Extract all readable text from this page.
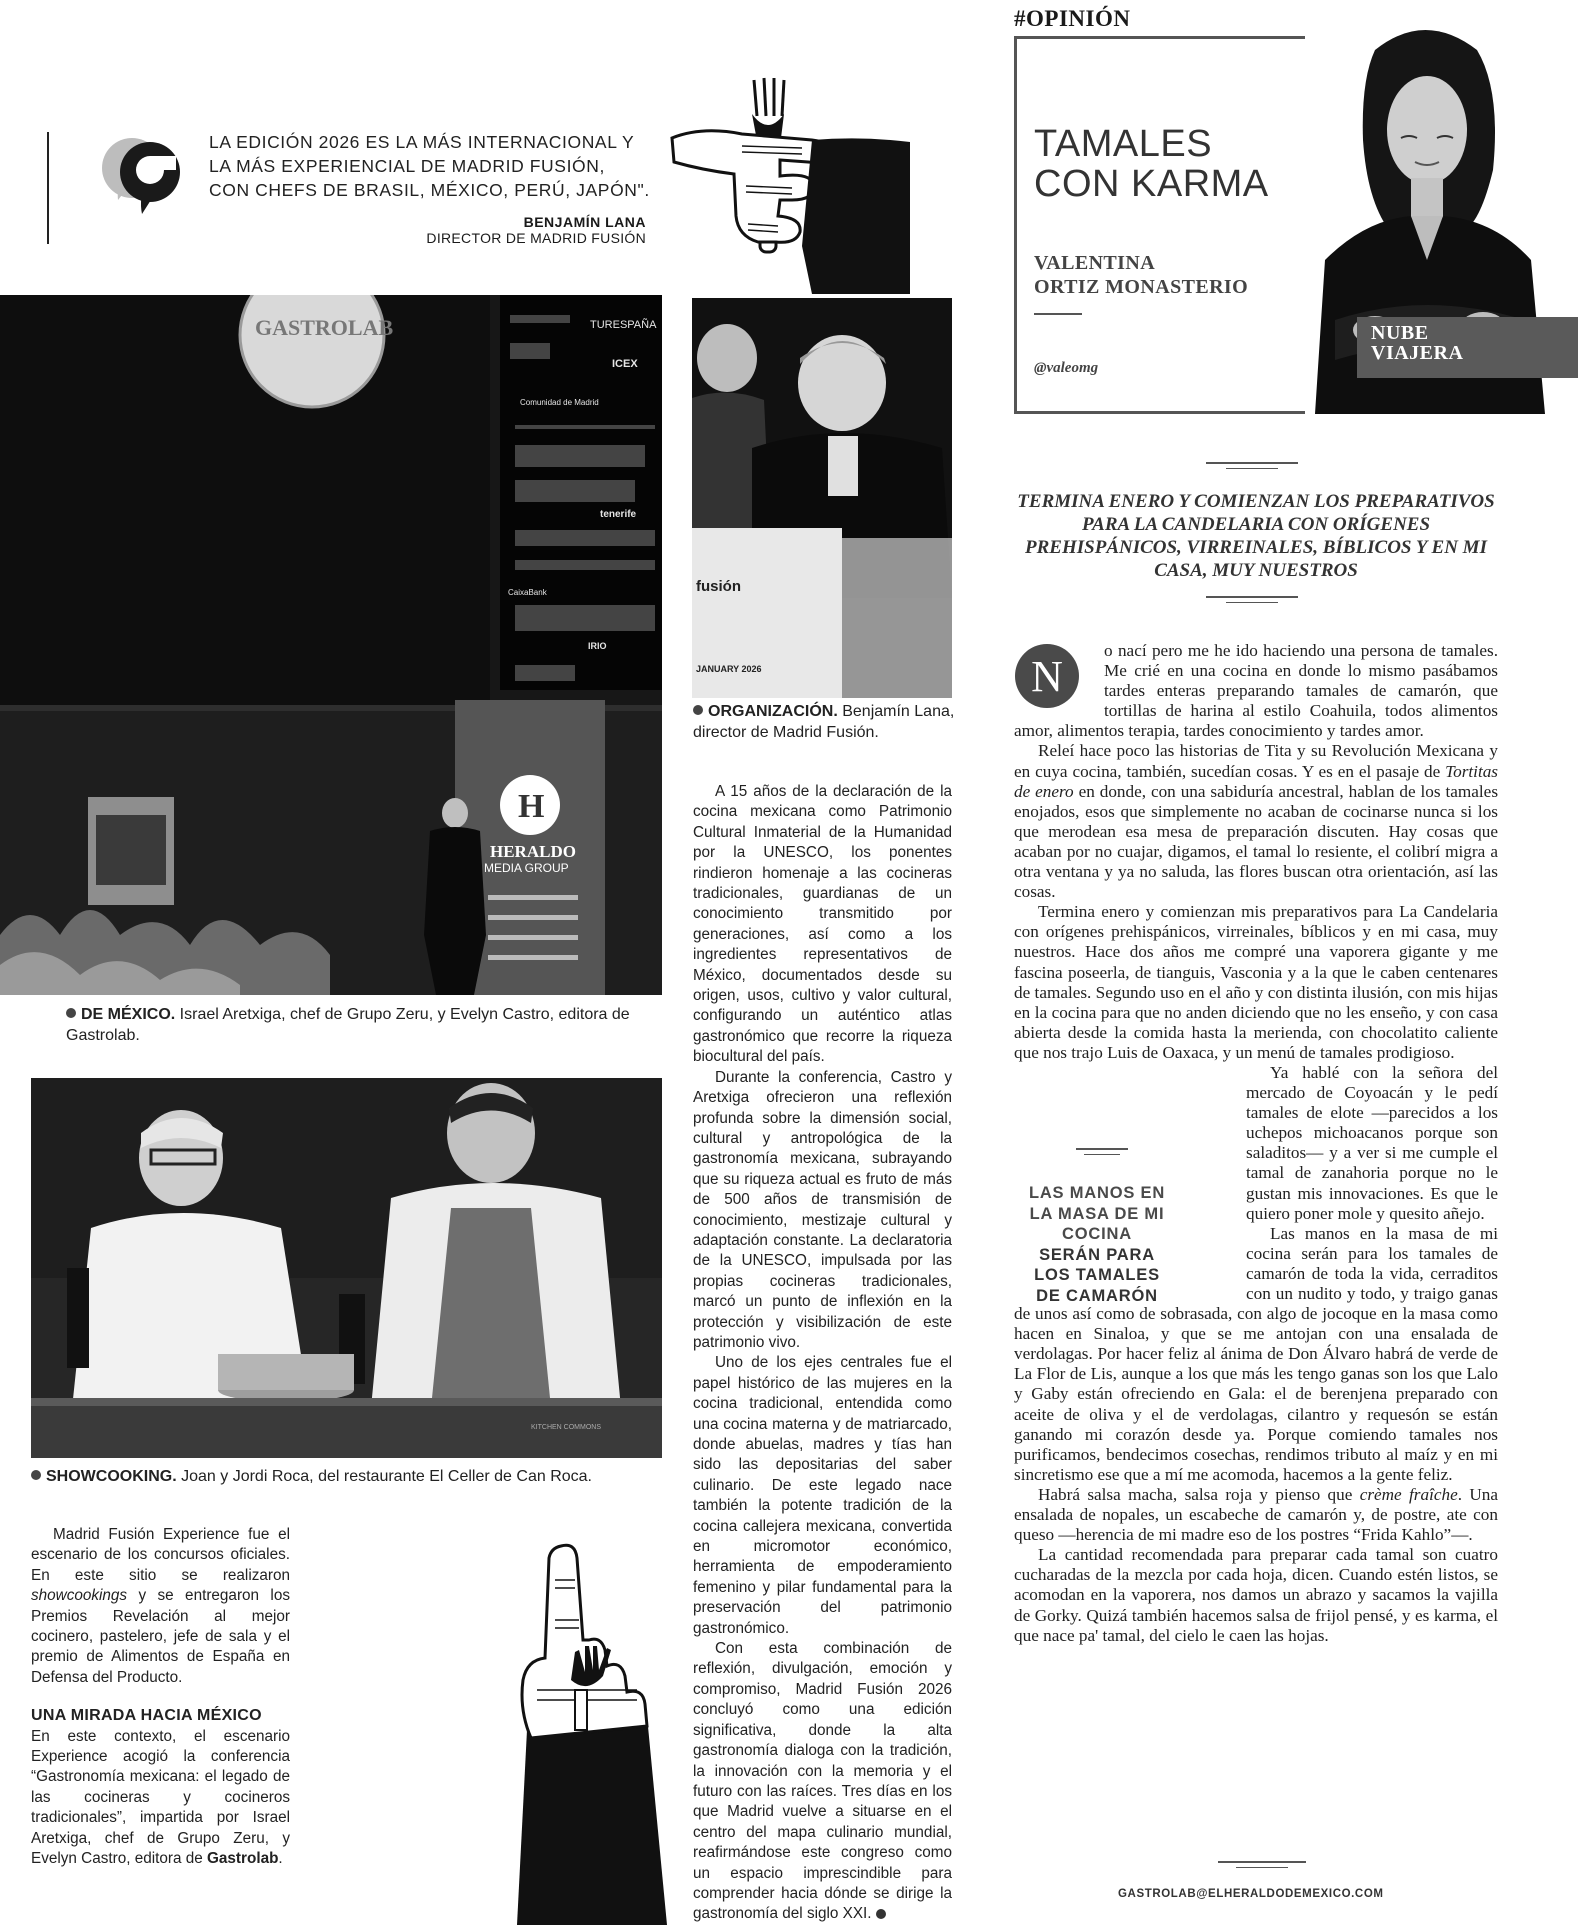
LA EDICIÓN 2026 ES LA MÁS INTERNACIONAL Y LA MÁS EXPERIENCIAL DE MADRID FUSIÓN, CON CHEFS DE BRASIL, MÉXICO, PERÚ, JAPÓN".
BENJAMÍN LANA
DIRECTOR DE MADRID FUSIÓN
GASTROLAB	TURESPAÑA
ICEX
Comunidad de Madrid
tenerife
CaixaBank
IRIO
H
HERALDO
MEDIA GROUP
fusión
JANUARY 2026
ORGANIZACIÓN. Benjamín Lana, director de Madrid Fusión.
DE MÉXICO. Israel Aretxiga, chef de Grupo Zeru, y Evelyn Castro, editora de Gastrolab.
KITCHEN COMMONS
SHOWCOOKING. Joan y Jordi Roca, del restaurante El Celler de Can Roca.

Madrid Fusión Experience fue el escenario de los concursos oficiales. En este sitio se realizaron showcookings y se entregaron los Premios Revelación al mejor cocinero, pastelero, jefe de sala y el premio de Alimentos de España en Defensa del Producto.

UNA MIRADA HACIA MÉXICO

En este contexto, el escenario Experience acogió la conferencia “Gastronomía mexicana: el legado de las cocineras y cocineros tradicionales”, impartida por Israel Aretxiga, chef de Grupo Zeru, y Evelyn Castro, editora de Gastrolab.

A 15 años de la declaración de la cocina mexicana como Patrimonio Cultural Inmaterial de la Humanidad por la UNESCO, los ponentes rindieron homenaje a las cocineras tradicionales, guardianas de un conocimiento transmitido por generaciones, así como a los ingredientes representativos de México, documentados desde su origen, usos, cultivo y valor cultural, configurando un auténtico atlas gastronómico que recorre la riqueza biocultural del país.

Durante la conferencia, Castro y Aretxiga ofrecieron una reflexión profunda sobre la dimensión social, cultural y antropológica de la gastronomía mexicana, subrayando que su riqueza actual es fruto de más de 500 años de transmisión de conocimiento, mestizaje cultural y adaptación constante. La declaratoria de la UNESCO, impulsada por las propias cocineras tradicionales, marcó un punto de inflexión en la protección y visibilización de este patrimonio vivo.

Uno de los ejes centrales fue el papel histórico de las mujeres en la cocina tradicional, entendida como una cocina materna y de matriarcado, donde abuelas, madres y tías han sido las depositarias del saber culinario. De este legado nace también la potente tradición de la cocina callejera mexicana, convertida en micromotor económico, herramienta de empoderamiento femenino y pilar fundamental para la preservación del patrimonio gastronómico.

Con esta combinación de reflexión, divulgación, emoción y compromiso, Madrid Fusión 2026 concluyó como una edición significativa, donde la alta gastronomía dialoga con la tradición, la innovación con la memoria y el futuro con las raíces. Tres días en los que Madrid vuelve a situarse en el centro del mapa culinario mundial, reafirmándose este congreso como un espacio imprescindible para comprender hacia dónde se dirige la gastronomía del siglo XXI.

#OPINIÓN
TAMALES
CON KARMA
VALENTINA
ORTIZ MONASTERIO
@valeomg
NUBE
VIAJERA
TERMINA ENERO Y COMIENZAN LOS PREPARATIVOS PARA LA CANDELARIA CON ORÍGENES PREHISPÁNICOS, VIRREINALES, BÍBLICOS Y EN MI CASA, MUY NUESTROS
N

o nací pero me he ido haciendo una persona de tamales. Me crié en una cocina en donde lo mismo pasábamos tardes enteras preparando tamales de camarón, que tortillas de harina al estilo Coahuila, todos alimentos amor, alimentos terapia, tardes conocimiento y tardes amor.

Releí hace poco las historias de Tita y su Revolución Mexicana y en cuya cocina, también, sucedían cosas. Y es en el pasaje de Tortitas de enero en donde, con una sabiduría ancestral, hablan de los tamales enojados, esos que simplemente no acaban de cocinarse nunca si los que merodean esa mesa de preparación discuten. Hay cosas que acaban por no cuajar, digamos, el tamal lo resiente, el colibrí migra a otra ventana y ya no saluda, las flores buscan otra orientación, así las cosas.

Termina enero y comienzan mis preparativos para La Candelaria con orígenes prehispánicos, virreinales, bíblicos y en mi casa, muy nuestros. Hace dos años me compré una vaporera gigante y me fascina poseerla, de tianguis, Vasconia y a la que le caben centenares de tamales. Segundo uso en el año y con distinta ilusión, con mis hijas en la cocina para que no anden diciendo que no les enseño, y con casa abierta desde la comida hasta la merienda, con chocolatito caliente que nos trajo Luis de Oaxaca, y un menú de tamales prodigioso.

Ya hablé con la señora del mercado de Coyoacán y le pedí tamales de elote —parecidos a los uchepos michoacanos porque son saladitos— y a ver si me cumple el tamal de zanahoria porque no le gustan mis innovaciones. Es que le quiero poner mole y quesito añejo.

Las manos en la masa de mi cocina serán para los tamales de camarón de toda la vida, cerraditos con un nudito y todo, y traigo ganas de unos así como de sobrasada, con algo de jocoque en la masa como hacen en Sinaloa, y que se me antojan con una ensalada de verdolagas. Por hacer feliz al ánima de Don Álvaro habrá de verde de La Flor de Lis, aunque a los que más les tengo ganas son los que Lalo y Gaby están ofreciendo en Gala: el de berenjena preparado con aceite de oliva y el de verdolagas, cilantro y requesón se están ganando mi corazón desde ya. Porque comiendo tamales nos purificamos, bendecimos cosechas, rendimos tributo al maíz y en mi sincretismo ese que a mí me acomoda, hacemos a la gente feliz.

Habrá salsa macha, salsa roja y pienso que crème fraîche. Una ensalada de nopales, un escabeche de camarón y, de postre, ate con queso —herencia de mi madre eso de los postres “Frida Kahlo”—.

La cantidad recomendada para preparar cada tamal son cuatro cucharadas de la mezcla por cada hoja, dicen. Cuando estén listos, se acomodan en la vaporera, nos damos un abrazo y sacamos la vajilla de Gorky. Quizá también hacemos salsa de frijol pensé, y es karma, el que nace pa' tamal, del cielo le caen las hojas.

LAS MANOS EN LA MASA DE MI COCINA
SERÁN PARA LOS TAMALES DE CAMARÓN
GASTROLAB@ELHERALDODEMEXICO.COM
